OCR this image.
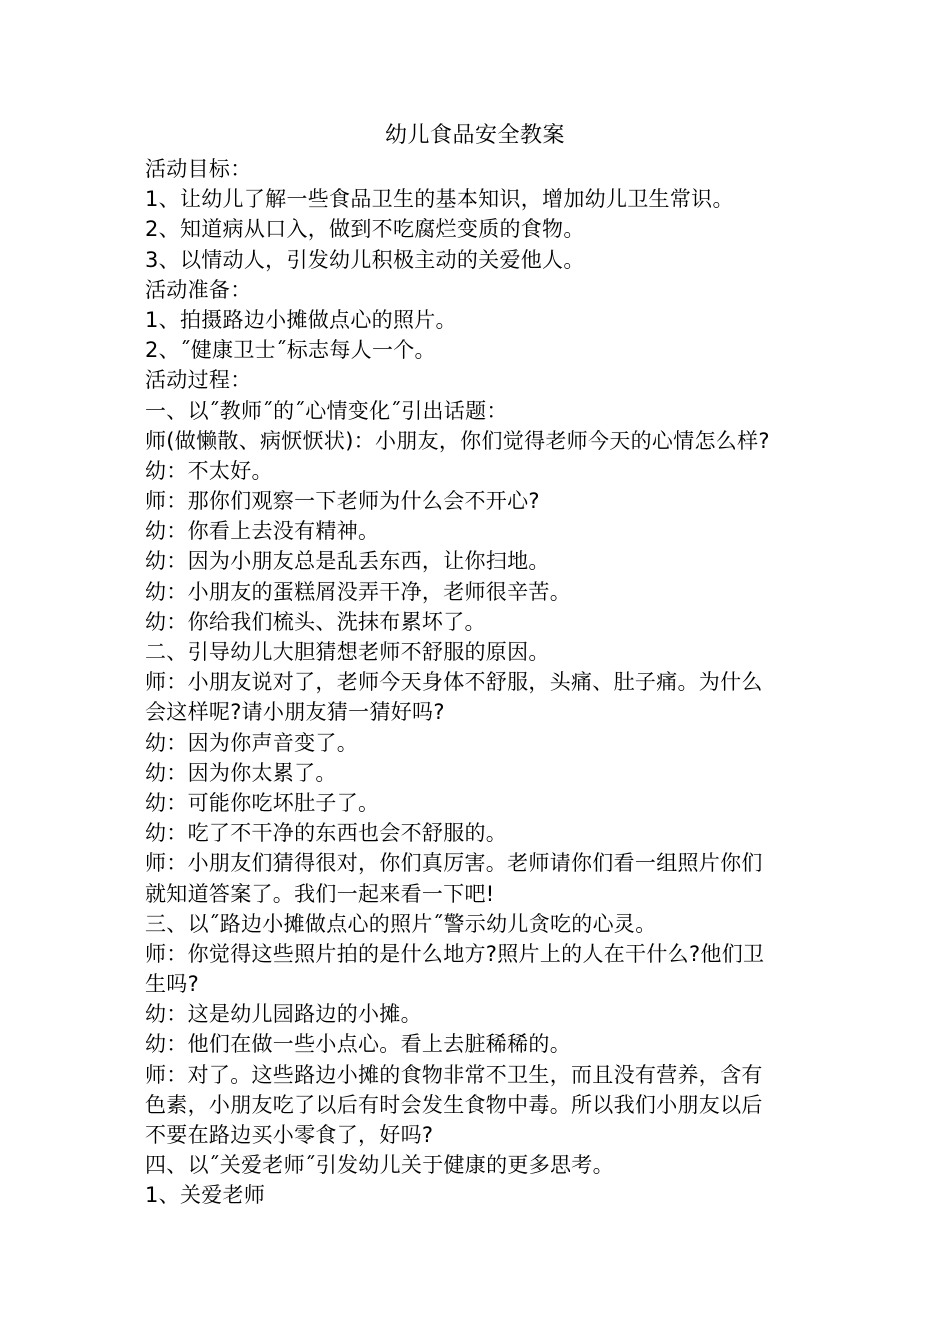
幼儿食品安全教案
活动目标：
1、让幼儿了解一些食品卫生的基本知识，增加幼儿卫生常识。
2、知道病从口入，做到不吃腐烂变质的食物。
3、以情动人，引发幼儿积极主动的关爱他人。
活动准备：
1、拍摄路边小摊做点心的照片。
2、˝健康卫士˝标志每人一个。
活动过程：
一、以˝教师˝的˝心情变化˝引出话题：
师(做懒散、病恹恹状)：小朋友，你们觉得老师今天的心情怎么样?
幼：不太好。
师：那你们观察一下老师为什么会不开心?
幼：你看上去没有精神。
幼：因为小朋友总是乱丢东西，让你扫地。
幼：小朋友的蛋糕屑没弄干净，老师很辛苦。
幼：你给我们梳头、洗抹布累坏了。
二、引导幼儿大胆猜想老师不舒服的原因。
师：小朋友说对了，老师今天身体不舒服，头痛、肚子痛。为什么
会这样呢?请小朋友猜一猜好吗?
幼：因为你声音变了。
幼：因为你太累了。
幼：可能你吃坏肚子了。
幼：吃了不干净的东西也会不舒服的。
师：小朋友们猜得很对，你们真厉害。老师请你们看一组照片你们
就知道答案了。我们一起来看一下吧!
三、以˝路边小摊做点心的照片˝警示幼儿贪吃的心灵。
师：你觉得这些照片拍的是什么地方?照片上的人在干什么?他们卫
生吗?
幼：这是幼儿园路边的小摊。
幼：他们在做一些小点心。看上去脏稀稀的。
师：对了。这些路边小摊的食物非常不卫生，而且没有营养，含有
色素，小朋友吃了以后有时会发生食物中毒。所以我们小朋友以后
不要在路边买小零食了，好吗?
四、以˝关爱老师˝引发幼儿关于健康的更多思考。
1、关爱老师
